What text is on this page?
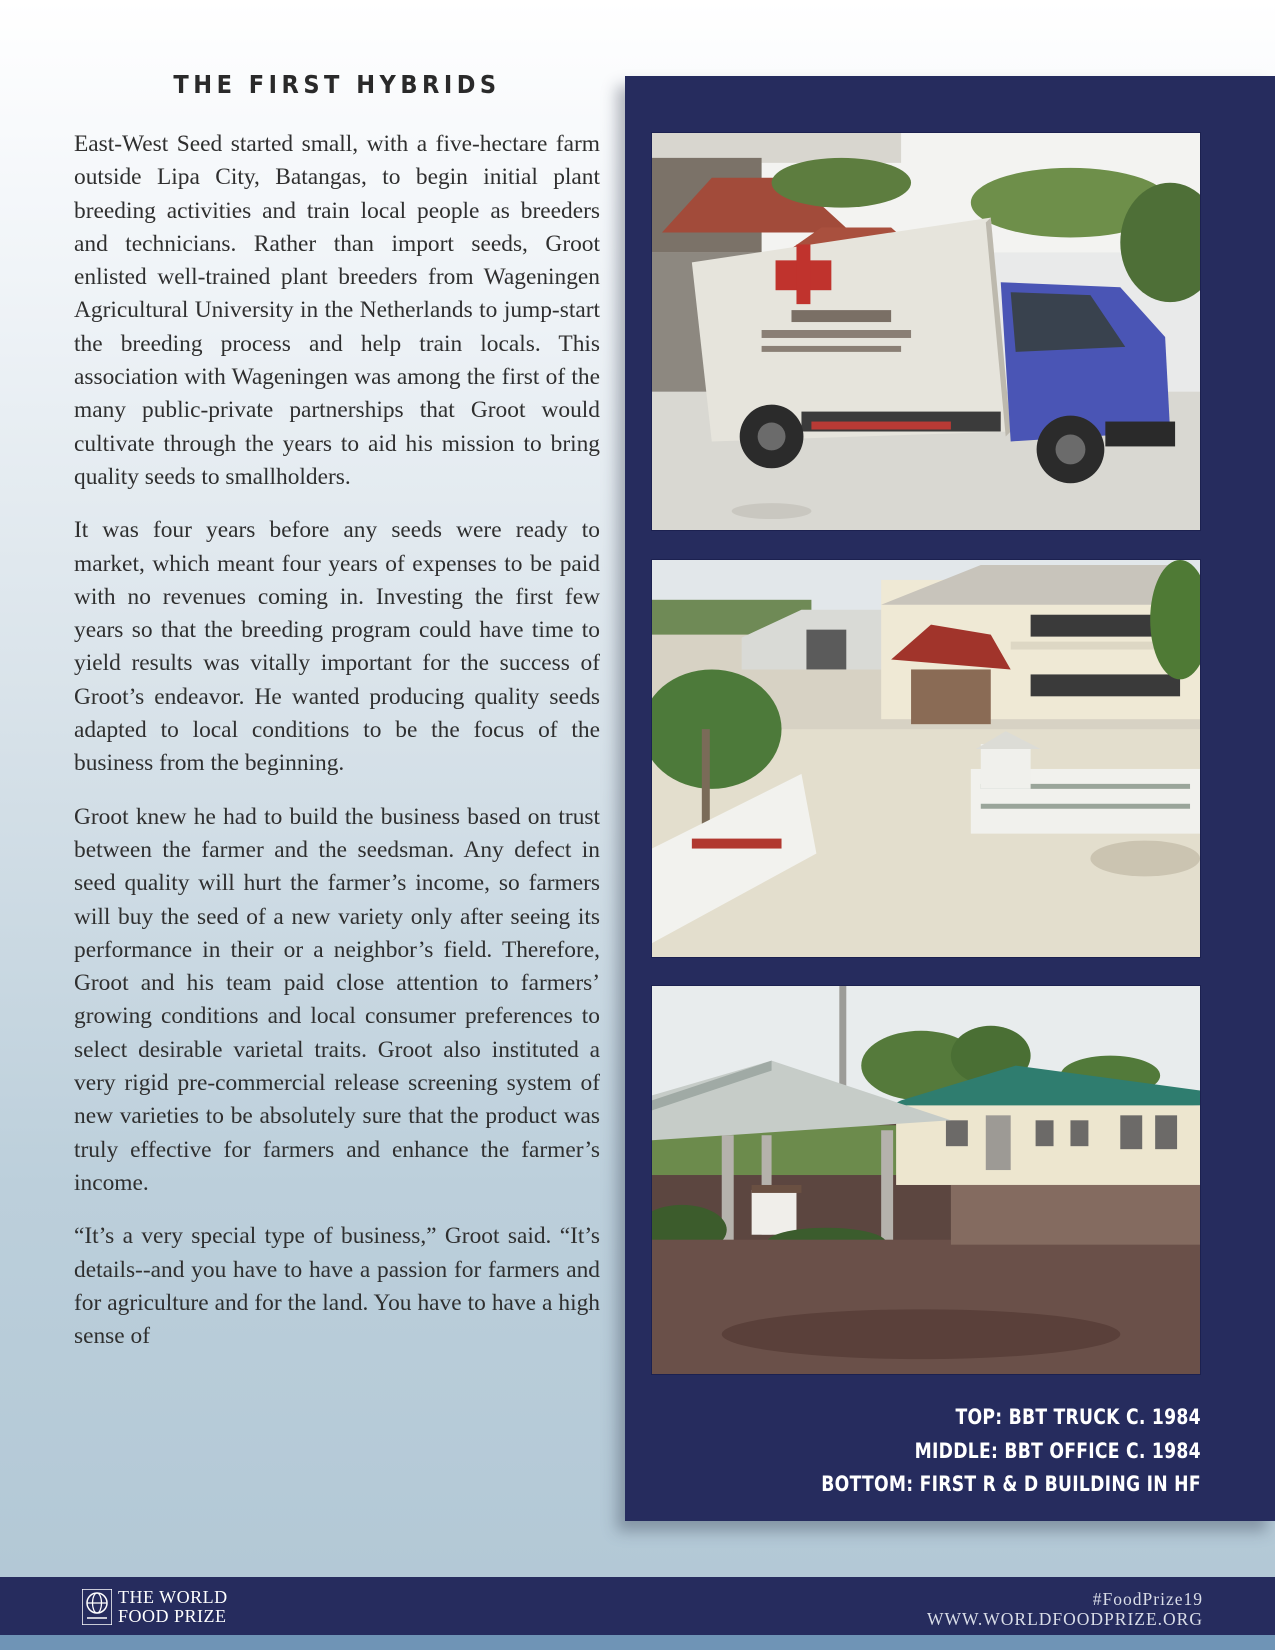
THE FIRST HYBRIDS

East-West Seed started small, with a five-hectare farm outside Lipa City, Batangas, to begin initial plant breeding activities and train local people as breeders and technicians. Rather than import seeds, Groot enlisted well-trained plant breeders from Wageningen Agricultural University in the Netherlands to jump-start the breeding process and help train locals. This association with Wageningen was among the first of the many public-private partnerships that Groot would cultivate through the years to aid his mission to bring quality seeds to smallholders.

It was four years before any seeds were ready to market, which meant four years of expenses to be paid with no revenues coming in. Investing the first few years so that the breeding program could have time to yield results was vitally important for the success of Groot’s endeavor. He wanted producing quality seeds adapted to local conditions to be the focus of the business from the beginning.

Groot knew he had to build the business based on trust between the farmer and the seedsman. Any defect in seed quality will hurt the farmer’s income, so farmers will buy the seed of a new variety only after seeing its performance in their or a neighbor’s field. Therefore, Groot and his team paid close attention to farmers’ growing conditions and local consumer preferences to select desirable varietal traits. Groot also instituted a very rigid pre-commercial release screening system of new varieties to be absolutely sure that the product was truly effective for farmers and enhance the farmer’s income.

“It’s a very special type of business,” Groot said. “It’s details--and you have to have a passion for farmers and for agriculture and for the land. You have to have a high sense of

TOP: BBT TRUCK C. 1984
MIDDLE: BBT OFFICE C. 1984
BOTTOM: FIRST R & D BUILDING IN HF
THE WORLD
FOOD PRIZE
#FoodPrize19
WWW.WORLDFOODPRIZE.ORG
